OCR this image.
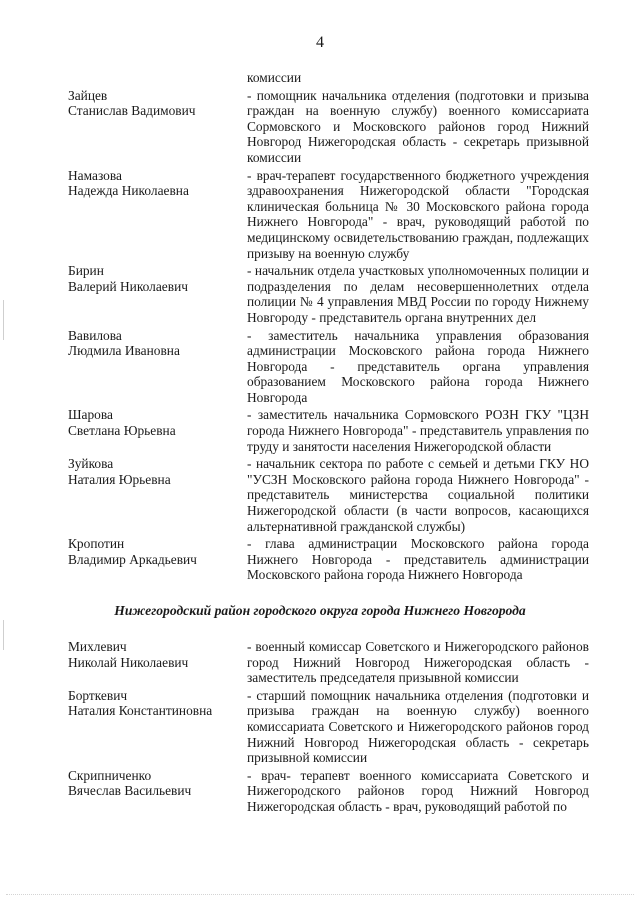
4
комиссии
Зайцев
Станислав Вадимович
- помощник начальника отделения (подготовки и призыва граждан на военную службу) военного комиссариата Сормовского и Московского районов город Нижний Новгород Нижегородская область - секретарь призывной комиссии
Намазова
Надежда Николаевна
- врач-терапевт государственного бюджетного учреждения здравоохранения Нижегородской области "Городская клиническая больница № 30 Московского района города Нижнего Новгорода" - врач, руководящий работой по медицинскому освидетельствованию граждан, подлежащих призыву на военную службу
Бирин
Валерий Николаевич
- начальник отдела участковых уполномоченных полиции и подразделения по делам несовершеннолетних отдела полиции № 4 управления МВД России по городу Нижнему Новгороду - представитель органа внутренних дел
Вавилова
Людмила Ивановна
- заместитель начальника управления образования администрации Московского района города Нижнего Новгорода - представитель органа управления образованием Московского района города Нижнего Новгорода
Шарова
Светлана Юрьевна
- заместитель начальника Сормовского РОЗН ГКУ "ЦЗН города Нижнего Новгорода" - представитель управления по труду и занятости населения Нижегородской области
Зуйкова
Наталия Юрьевна
- начальник сектора по работе с семьей и детьми ГКУ НО "УСЗН Московского района города Нижнего Новгорода" - представитель министерства социальной политики Нижегородской области (в части вопросов, касающихся альтернативной гражданской службы)
Кропотин
Владимир Аркадьевич
- глава администрации Московского района города Нижнего Новгорода - представитель администрации Московского района города Нижнего Новгорода
Нижегородский район городского округа города Нижнего Новгорода
Михлевич
Николай Николаевич
- военный комиссар Советского и Нижегородского районов город Нижний Новгород Нижегородская область - заместитель председателя призывной комиссии
Борткевич
Наталия Константиновна
- старший помощник начальника отделения (подготовки и призыва граждан на военную службу) военного комиссариата Советского и Нижегородского районов город Нижний Новгород Нижегородская область - секретарь призывной комиссии
Скрипниченко
Вячеслав Васильевич
- врач- терапевт военного комиссариата Советского и Нижегородского районов город Нижний Новгород Нижегородская область - врач, руководящий работой по
